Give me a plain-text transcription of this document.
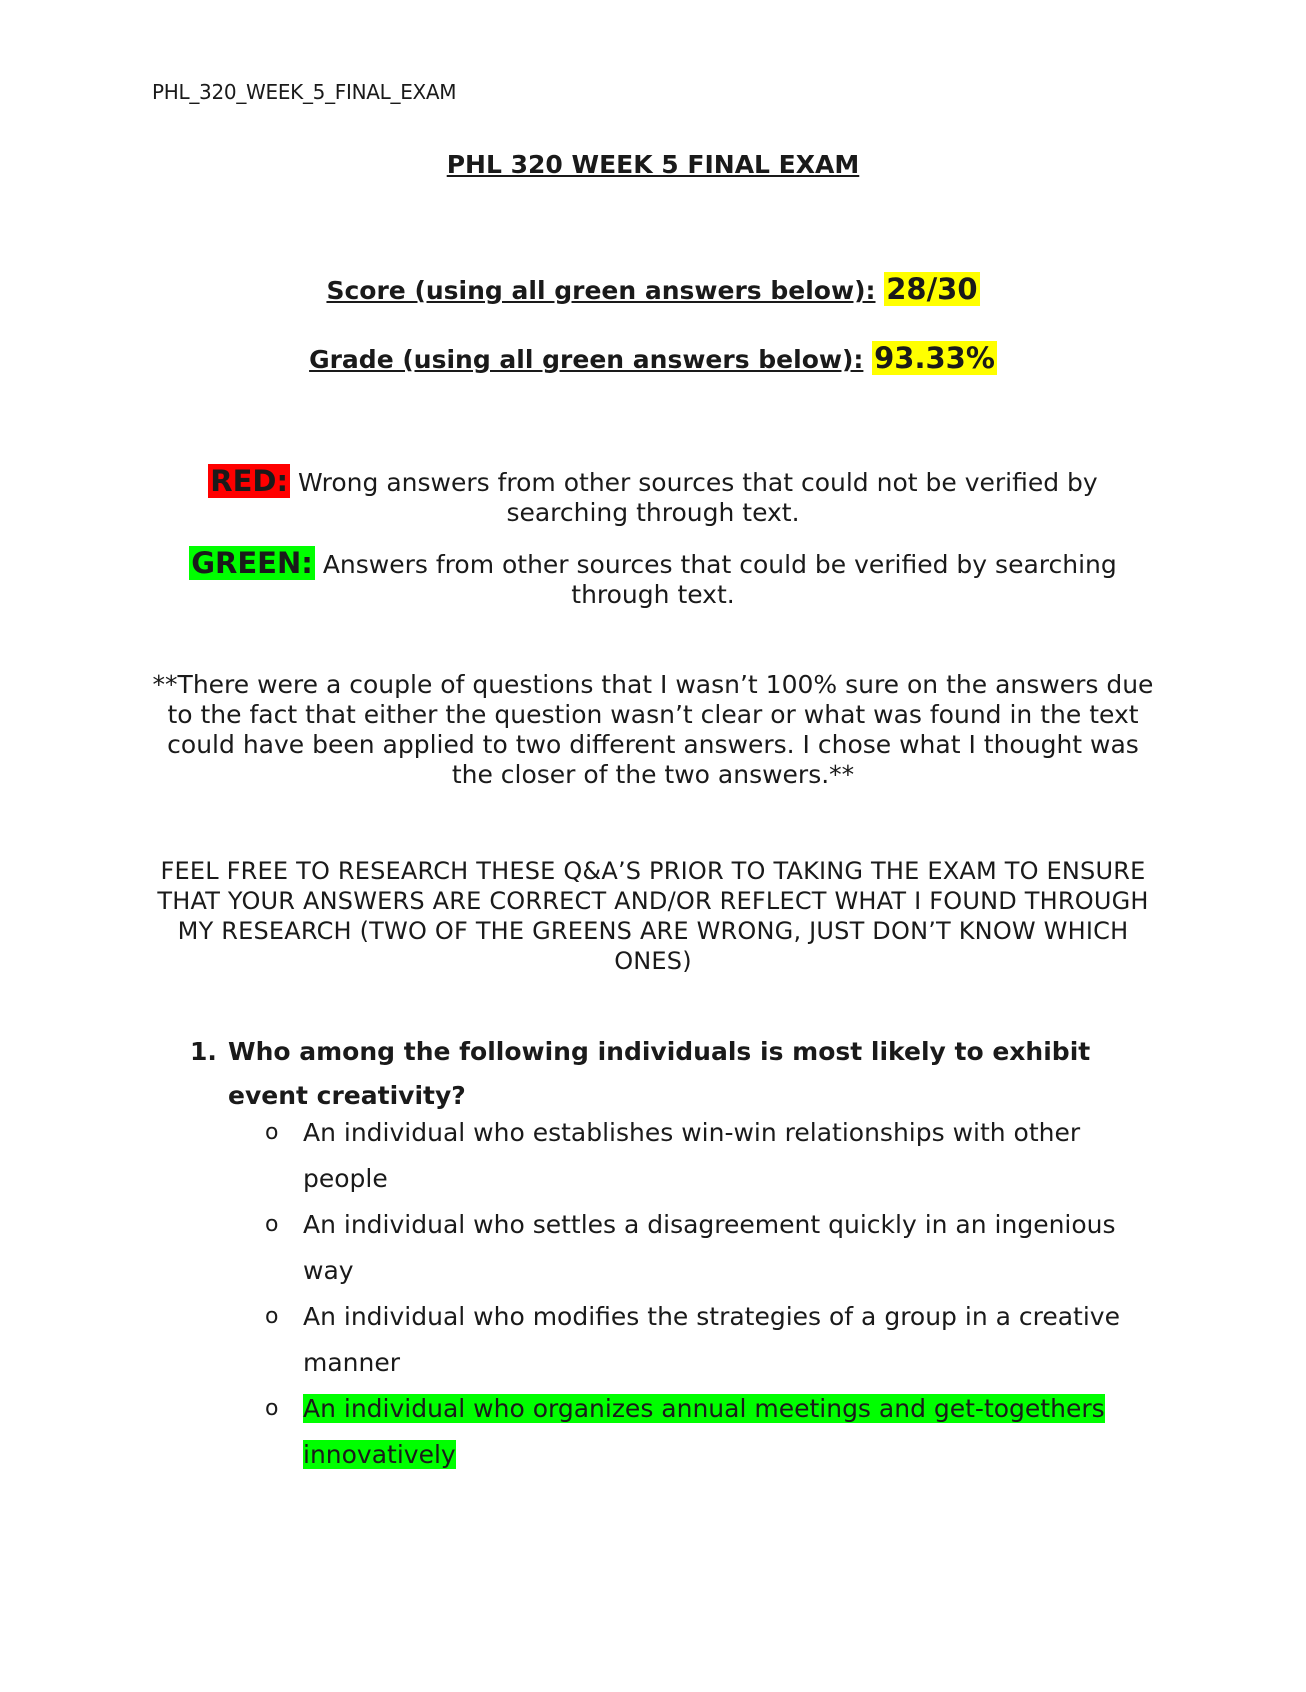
PHL_320_WEEK_5_FINAL_EXAM
PHL 320 WEEK 5 FINAL EXAM
Score (using all green answers below): 28/30
Grade (using all green answers below): 93.33%
RED: Wrong answers from other sources that could not be verified by searching through text.
GREEN: Answers from other sources that could be verified by searching through text.
**There were a couple of questions that I wasn’t 100% sure on the answers due to the fact that either the question wasn’t clear or what was found in the text could have been applied to two different answers. I chose what I thought was the closer of the two answers.**
FEEL FREE TO RESEARCH THESE Q&A’S PRIOR TO TAKING THE EXAM TO ENSURE THAT YOUR ANSWERS ARE CORRECT AND/OR REFLECT WHAT I FOUND THROUGH MY RESEARCH (TWO OF THE GREENS ARE WRONG, JUST DON’T KNOW WHICH ONES)
1. Who among the following individuals is most likely to exhibit event creativity?
o An individual who establishes win-win relationships with other people
o An individual who settles a disagreement quickly in an ingenious way
o An individual who modifies the strategies of a group in a creative manner
o An individual who organizes annual meetings and get-togethers innovatively
